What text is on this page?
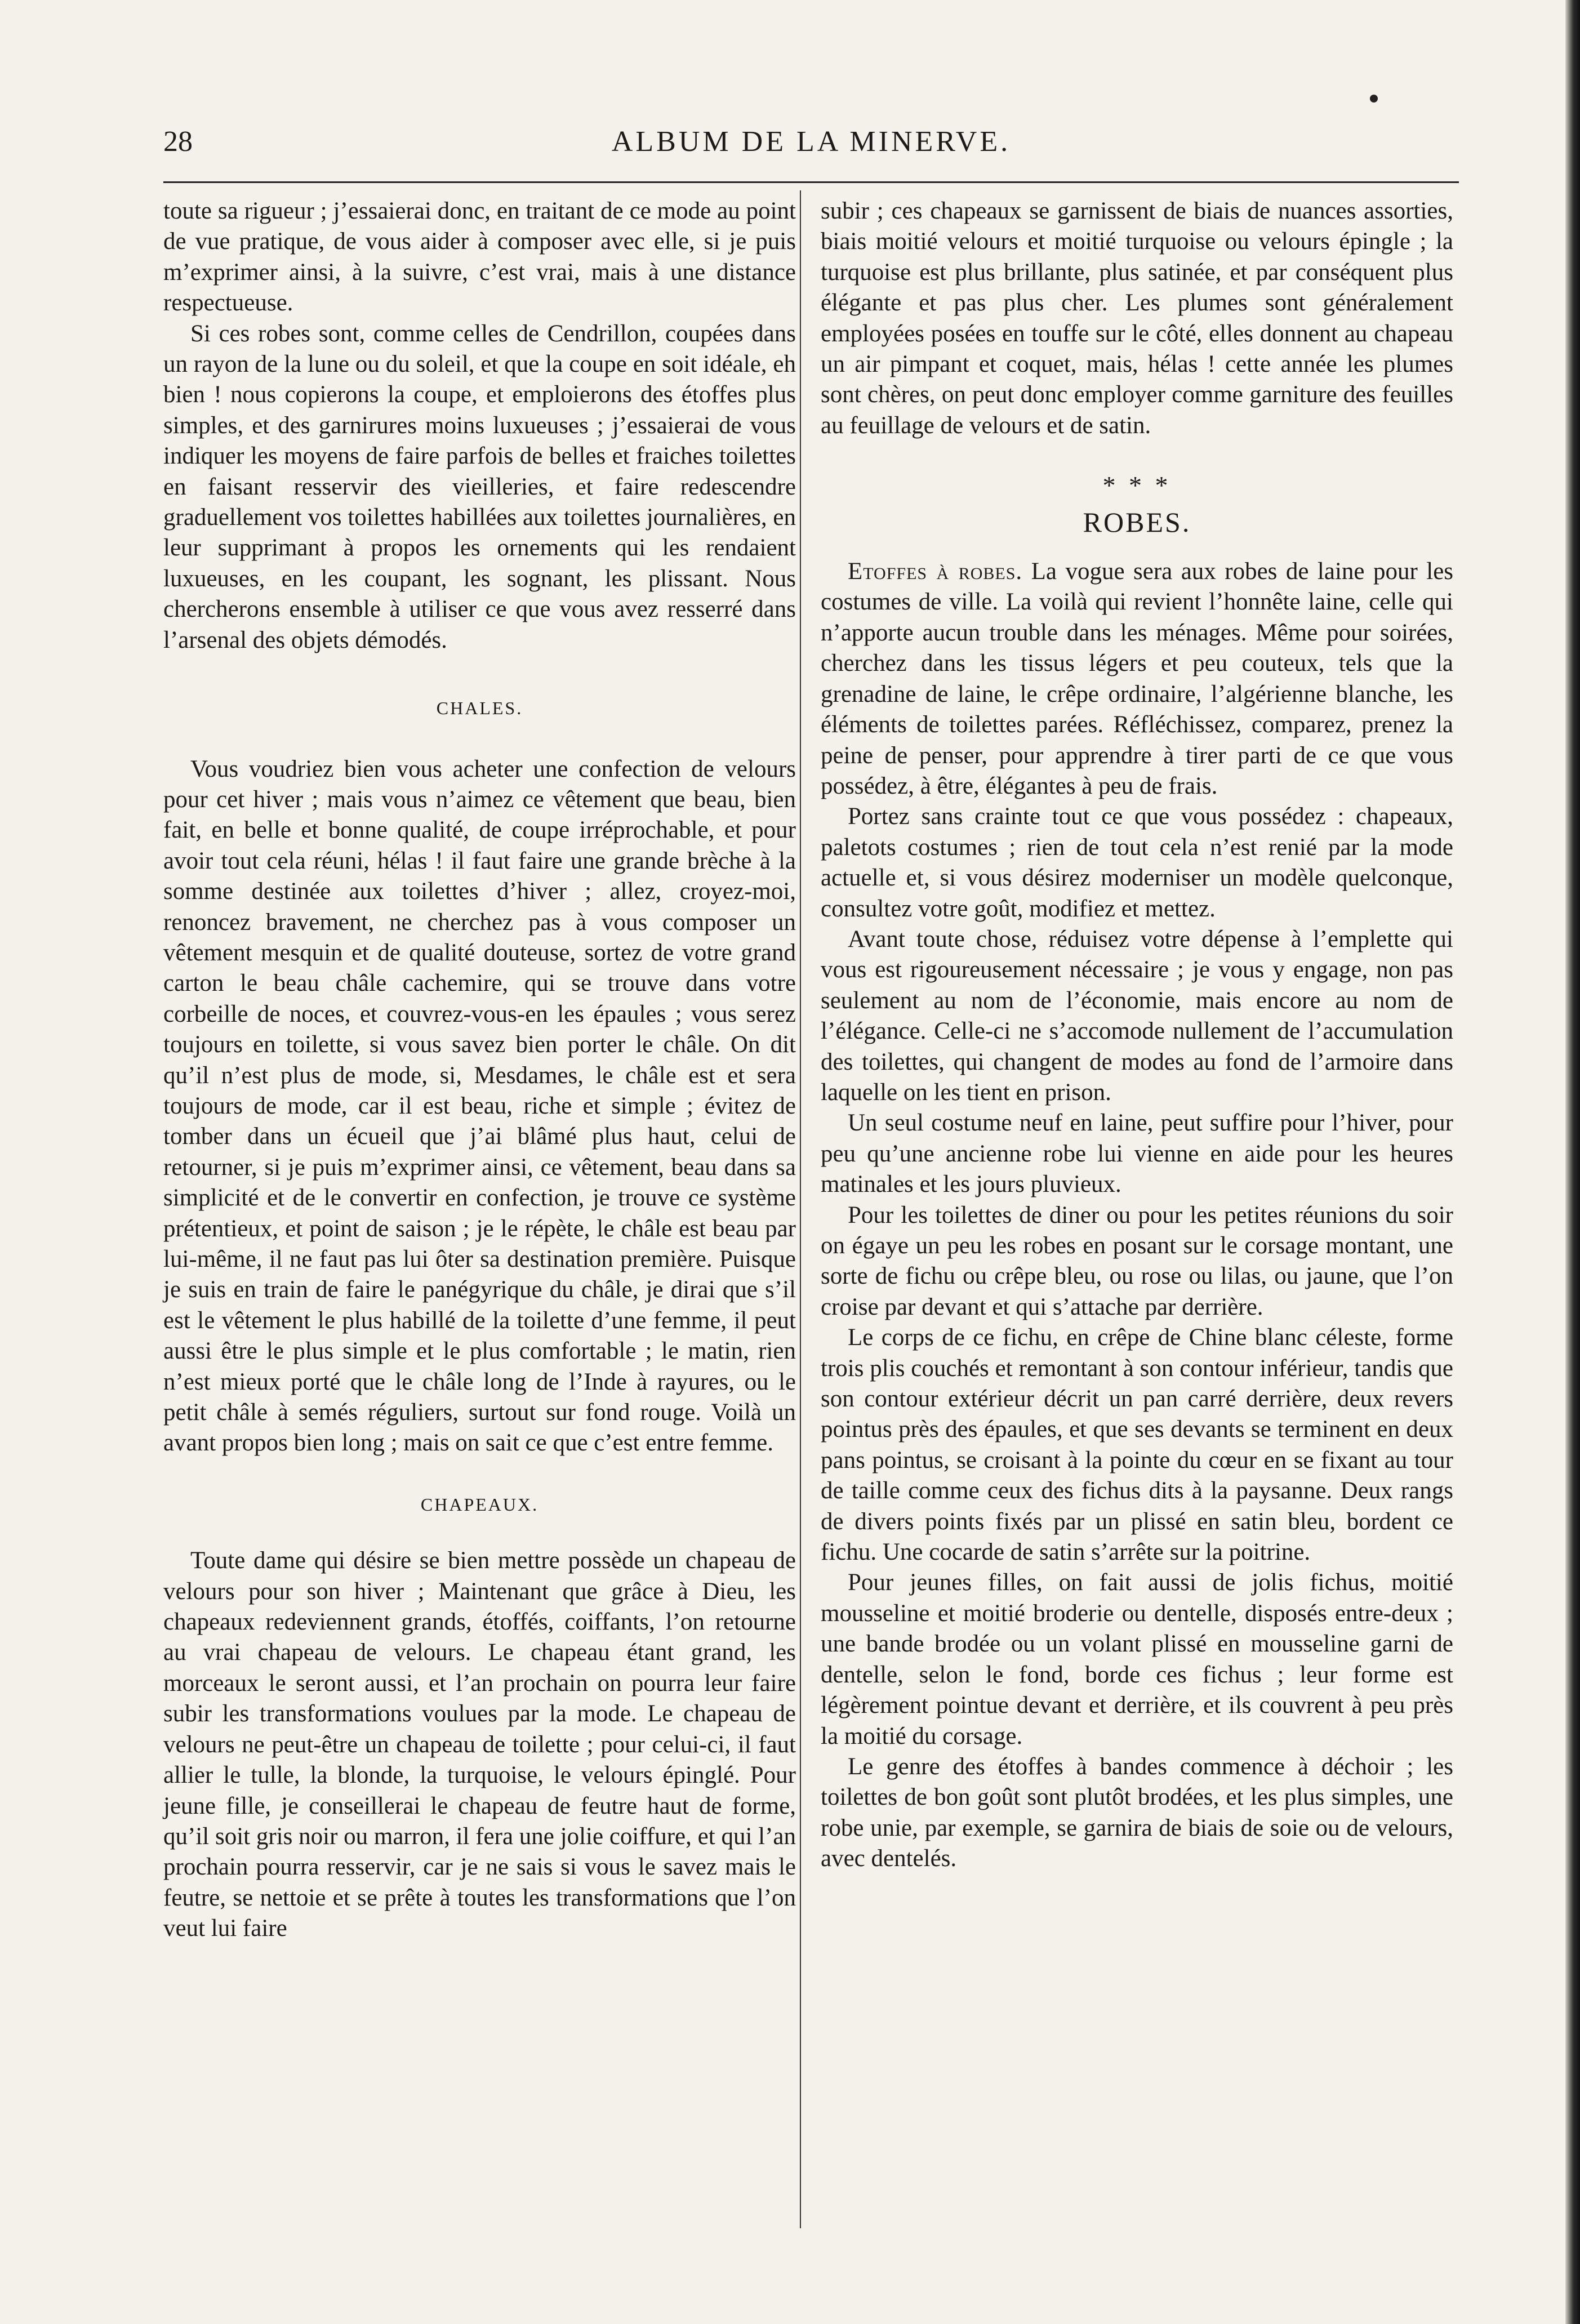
28	ALBUM DE LA MINERVE.

toute sa rigueur ; j’essaierai donc, en traitant de ce mode au point de vue pratique, de vous aider à composer avec elle, si je puis m’exprimer ainsi, à la suivre, c’est vrai, mais à une distance respectueuse.

Si ces robes sont, comme celles de Cendrillon, coupées dans un rayon de la lune ou du soleil, et que la coupe en soit idéale, eh bien ! nous copierons la coupe, et emploierons des étoffes plus simples, et des garnirures moins luxueuses ; j’essaierai de vous indiquer les moyens de faire parfois de belles et fraiches toilettes en faisant resservir des vieilleries, et faire redescendre graduellement vos toilettes habillées aux toilettes journalières, en leur supprimant à propos les ornements qui les rendaient luxueuses, en les coupant, les sognant, les plissant. Nous chercherons ensemble à utiliser ce que vous avez resserré dans l’arsenal des objets démodés.

CHALES.

Vous voudriez bien vous acheter une confection de velours pour cet hiver ; mais vous n’aimez ce vêtement que beau, bien fait, en belle et bonne qualité, de coupe irréprochable, et pour avoir tout cela réuni, hélas ! il faut faire une grande brèche à la somme destinée aux toilettes d’hiver ; allez, croyez-moi, renoncez bravement, ne cherchez pas à vous composer un vêtement mesquin et de qualité douteuse, sortez de votre grand carton le beau châle cachemire, qui se trouve dans votre corbeille de noces, et couvrez-vous-en les épaules ; vous serez toujours en toilette, si vous savez bien porter le châle. On dit qu’il n’est plus de mode, si, Mesdames, le châle est et sera toujours de mode, car il est beau, riche et simple ; évitez de tomber dans un écueil que j’ai blâmé plus haut, celui de retourner, si je puis m’exprimer ainsi, ce vêtement, beau dans sa simplicité et de le convertir en confection, je trouve ce système prétentieux, et point de saison ; je le répète, le châle est beau par lui-même, il ne faut pas lui ôter sa destination première. Puisque je suis en train de faire le panégyrique du châle, je dirai que s’il est le vêtement le plus habillé de la toilette d’une femme, il peut aussi être le plus simple et le plus comfortable ; le matin, rien n’est mieux porté que le châle long de l’Inde à rayures, ou le petit châle à semés réguliers, surtout sur fond rouge. Voilà un avant propos bien long ; mais on sait ce que c’est entre femme.

CHAPEAUX.

Toute dame qui désire se bien mettre possède un chapeau de velours pour son hiver ; Maintenant que grâce à Dieu, les chapeaux redeviennent grands, étoffés, coiffants, l’on retourne au vrai chapeau de velours. Le chapeau étant grand, les morceaux le seront aussi, et l’an prochain on pourra leur faire subir les transformations voulues par la mode. Le chapeau de velours ne peut-être un chapeau de toilette ; pour celui-ci, il faut allier le tulle, la blonde, la turquoise, le velours épinglé. Pour jeune fille, je conseillerai le chapeau de feutre haut de forme, qu’il soit gris noir ou marron, il fera une jolie coiffure, et qui l’an prochain pourra resservir, car je ne sais si vous le savez mais le feutre, se nettoie et se prête à toutes les transformations que l’on veut lui faire

subir ; ces chapeaux se garnissent de biais de nuances assorties, biais moitié velours et moitié turquoise ou velours épingle ; la turquoise est plus brillante, plus satinée, et par conséquent plus élégante et pas plus cher. Les plumes sont généralement employées posées en touffe sur le côté, elles donnent au chapeau un air pimpant et coquet, mais, hélas ! cette année les plumes sont chères, on peut donc employer comme garniture des feuilles au feuillage de velours et de satin.

* * *
ROBES.

Etoffes à robes. La vogue sera aux robes de laine pour les costumes de ville. La voilà qui revient l’honnête laine, celle qui n’apporte aucun trouble dans les ménages. Même pour soirées, cherchez dans les tissus légers et peu couteux, tels que la grenadine de laine, le crêpe ordinaire, l’algérienne blanche, les éléments de toilettes parées. Réfléchissez, comparez, prenez la peine de penser, pour apprendre à tirer parti de ce que vous possédez, à être, élégantes à peu de frais.

Portez sans crainte tout ce que vous possédez : chapeaux, paletots costumes ; rien de tout cela n’est renié par la mode actuelle et, si vous désirez moderniser un modèle quelconque, consultez votre goût, modifiez et mettez.

Avant toute chose, réduisez votre dépense à l’emplette qui vous est rigoureusement nécessaire ; je vous y engage, non pas seulement au nom de l’économie, mais encore au nom de l’élégance. Celle-ci ne s’accomode nullement de l’accumulation des toilettes, qui changent de modes au fond de l’armoire dans laquelle on les tient en prison.

Un seul costume neuf en laine, peut suffire pour l’hiver, pour peu qu’une ancienne robe lui vienne en aide pour les heures matinales et les jours pluvieux.

Pour les toilettes de diner ou pour les petites réunions du soir on égaye un peu les robes en posant sur le corsage montant, une sorte de fichu ou crêpe bleu, ou rose ou lilas, ou jaune, que l’on croise par devant et qui s’attache par derrière.

Le corps de ce fichu, en crêpe de Chine blanc céleste, forme trois plis couchés et remontant à son contour inférieur, tandis que son contour extérieur décrit un pan carré derrière, deux revers pointus près des épaules, et que ses devants se terminent en deux pans pointus, se croisant à la pointe du cœur en se fixant au tour de taille comme ceux des fichus dits à la paysanne. Deux rangs de divers points fixés par un plissé en satin bleu, bordent ce fichu. Une cocarde de satin s’arrête sur la poitrine.

Pour jeunes filles, on fait aussi de jolis fichus, moitié mousseline et moitié broderie ou dentelle, disposés entre-deux ; une bande brodée ou un volant plissé en mousseline garni de dentelle, selon le fond, borde ces fichus ; leur forme est légèrement pointue devant et derrière, et ils couvrent à peu près la moitié du corsage.

Le genre des étoffes à bandes commence à déchoir ; les toilettes de bon goût sont plutôt brodées, et les plus simples, une robe unie, par exemple, se garnira de biais de soie ou de velours, avec dentelés.
